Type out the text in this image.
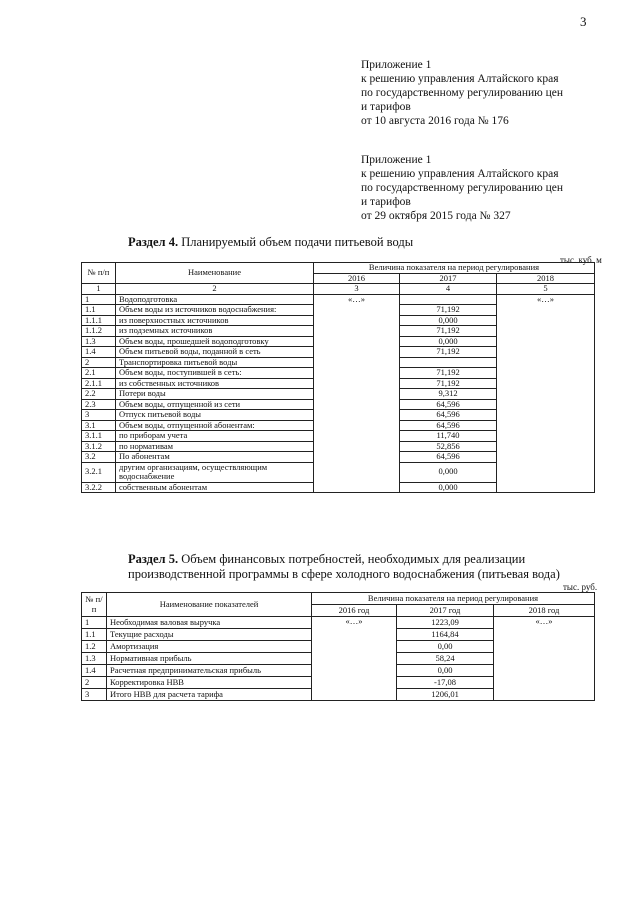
3
Приложение 1
к решению управления Алтайского края
по государственному регулированию цен
и тарифов
от 10 августа 2016 года № 176
Приложение 1
к решению управления Алтайского края
по государственному регулированию цен
и тарифов
от 29 октября 2015 года № 327
Раздел 4. Планируемый объем подачи питьевой воды
тыс. куб. м
№ п/п	Наименование	Величина показателя на период регулирования		
		2016	2017	2018
1	2	3	4	5
1	Водоподготовка	«…»		«…»
1.1	Объем воды из источников водоснабжения:		71,192	
1.1.1	из поверхностных источников		0,000	
1.1.2	из подземных источников		71,192	
1.3	Объем воды, прошедшей водоподготовку		0,000	
1.4	Объем питьевой воды, поданной в сеть		71,192	
2	Транспортировка питьевой воды			
2.1	Объем воды, поступившей в сеть:		71,192	
2.1.1	из собственных источников		71,192	
2.2	Потери воды		9,312	
2.3	Объем воды, отпущенной из сети		64,596	
3	Отпуск питьевой воды		64,596	
3.1	Объем воды, отпущенной абонентам:		64,596	
3.1.1	по приборам учета		11,740	
3.1.2	по нормативам		52,856	
3.2	По абонентам		64,596	
3.2.1	другим организациям, осуществляющим водоснабжение		0,000	
3.2.2	собственным абонентам		0,000	
Раздел 5. Объем финансовых потребностей, необходимых для реализации производственной программы в сфере холодного водоснабжения (питьевая вода)
тыс. руб.
№ п/п	Наименование показателей	Величина показателя на период регулирования		
		2016 год	2017 год	2018 год
1	Необходимая валовая выручка	«…»	1223,09	«…»
1.1	Текущие расходы		1164,84	
1.2	Амортизация		0,00	
1.3	Нормативная прибыль		58,24	
1.4	Расчетная предпринимательская прибыль		0,00	
2	Корректировка НВВ		-17,08	
3	Итого НВВ для расчета тарифа		1206,01	
